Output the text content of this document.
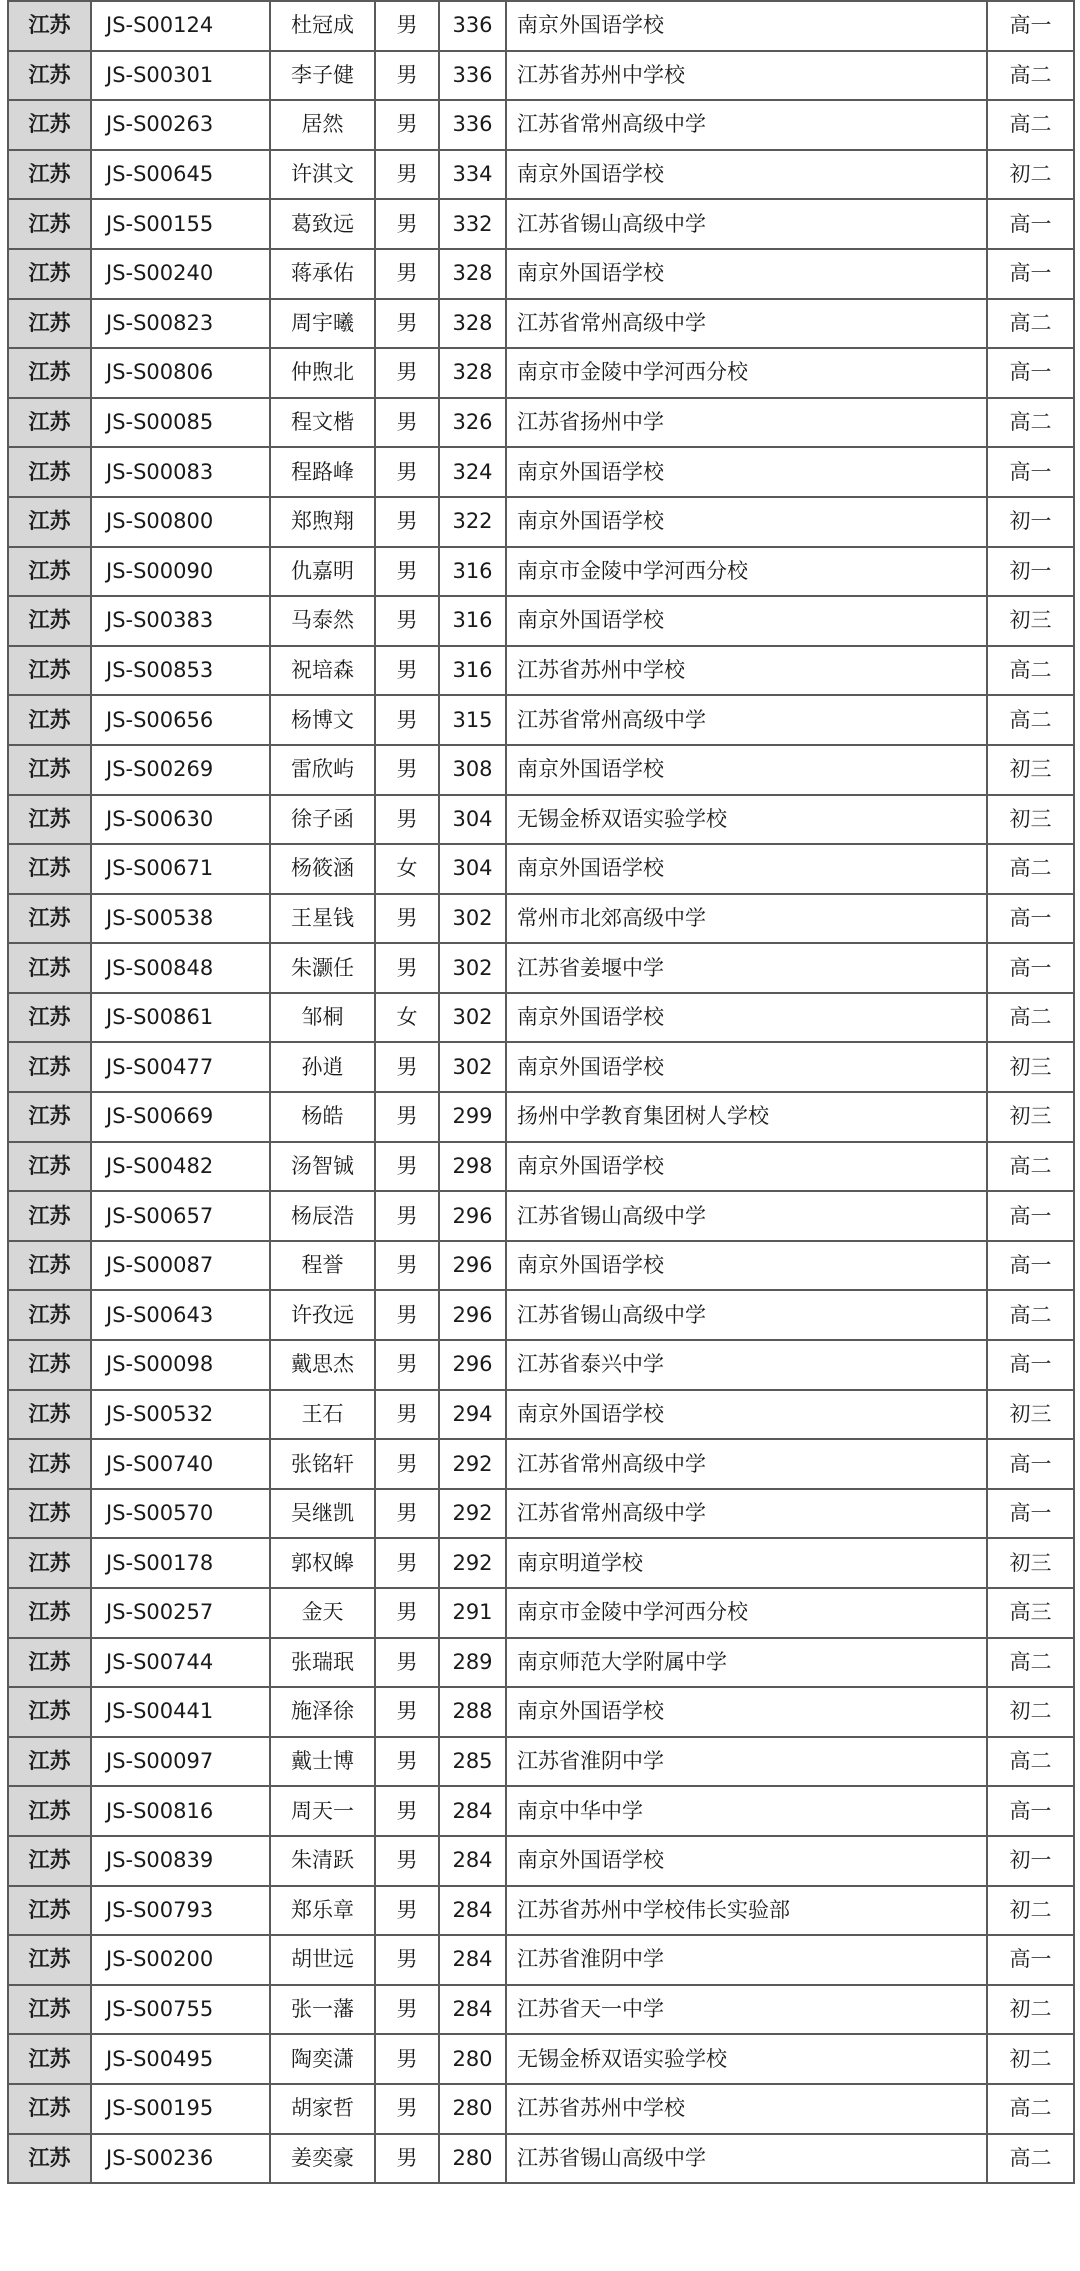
江苏	JS-S00124	杜冠成	男	336	南京外国语学校	高一
江苏	JS-S00301	李子健	男	336	江苏省苏州中学校	高二
江苏	JS-S00263	居然	男	336	江苏省常州高级中学	高二
江苏	JS-S00645	许淇文	男	334	南京外国语学校	初二
江苏	JS-S00155	葛致远	男	332	江苏省锡山高级中学	高一
江苏	JS-S00240	蒋承佑	男	328	南京外国语学校	高一
江苏	JS-S00823	周宇曦	男	328	江苏省常州高级中学	高二
江苏	JS-S00806	仲煦北	男	328	南京市金陵中学河西分校	高一
江苏	JS-S00085	程文楷	男	326	江苏省扬州中学	高二
江苏	JS-S00083	程路峰	男	324	南京外国语学校	高一
江苏	JS-S00800	郑煦翔	男	322	南京外国语学校	初一
江苏	JS-S00090	仇嘉明	男	316	南京市金陵中学河西分校	初一
江苏	JS-S00383	马泰然	男	316	南京外国语学校	初三
江苏	JS-S00853	祝培森	男	316	江苏省苏州中学校	高二
江苏	JS-S00656	杨博文	男	315	江苏省常州高级中学	高二
江苏	JS-S00269	雷欣屿	男	308	南京外国语学校	初三
江苏	JS-S00630	徐子函	男	304	无锡金桥双语实验学校	初三
江苏	JS-S00671	杨筱涵	女	304	南京外国语学校	高二
江苏	JS-S00538	王星钱	男	302	常州市北郊高级中学	高一
江苏	JS-S00848	朱灏任	男	302	江苏省姜堰中学	高一
江苏	JS-S00861	邹桐	女	302	南京外国语学校	高二
江苏	JS-S00477	孙逍	男	302	南京外国语学校	初三
江苏	JS-S00669	杨皓	男	299	扬州中学教育集团树人学校	初三
江苏	JS-S00482	汤智铖	男	298	南京外国语学校	高二
江苏	JS-S00657	杨辰浩	男	296	江苏省锡山高级中学	高一
江苏	JS-S00087	程誉	男	296	南京外国语学校	高一
江苏	JS-S00643	许孜远	男	296	江苏省锡山高级中学	高二
江苏	JS-S00098	戴思杰	男	296	江苏省泰兴中学	高一
江苏	JS-S00532	王石	男	294	南京外国语学校	初三
江苏	JS-S00740	张铭轩	男	292	江苏省常州高级中学	高一
江苏	JS-S00570	吴继凯	男	292	江苏省常州高级中学	高一
江苏	JS-S00178	郭权皞	男	292	南京明道学校	初三
江苏	JS-S00257	金天	男	291	南京市金陵中学河西分校	高三
江苏	JS-S00744	张瑞珉	男	289	南京师范大学附属中学	高二
江苏	JS-S00441	施泽徐	男	288	南京外国语学校	初二
江苏	JS-S00097	戴士博	男	285	江苏省淮阴中学	高二
江苏	JS-S00816	周天一	男	284	南京中华中学	高一
江苏	JS-S00839	朱清跃	男	284	南京外国语学校	初一
江苏	JS-S00793	郑乐章	男	284	江苏省苏州中学校伟长实验部	初二
江苏	JS-S00200	胡世远	男	284	江苏省淮阴中学	高一
江苏	JS-S00755	张一藩	男	284	江苏省天一中学	初二
江苏	JS-S00495	陶奕潇	男	280	无锡金桥双语实验学校	初二
江苏	JS-S00195	胡家哲	男	280	江苏省苏州中学校	高二
江苏	JS-S00236	姜奕豪	男	280	江苏省锡山高级中学	高二
